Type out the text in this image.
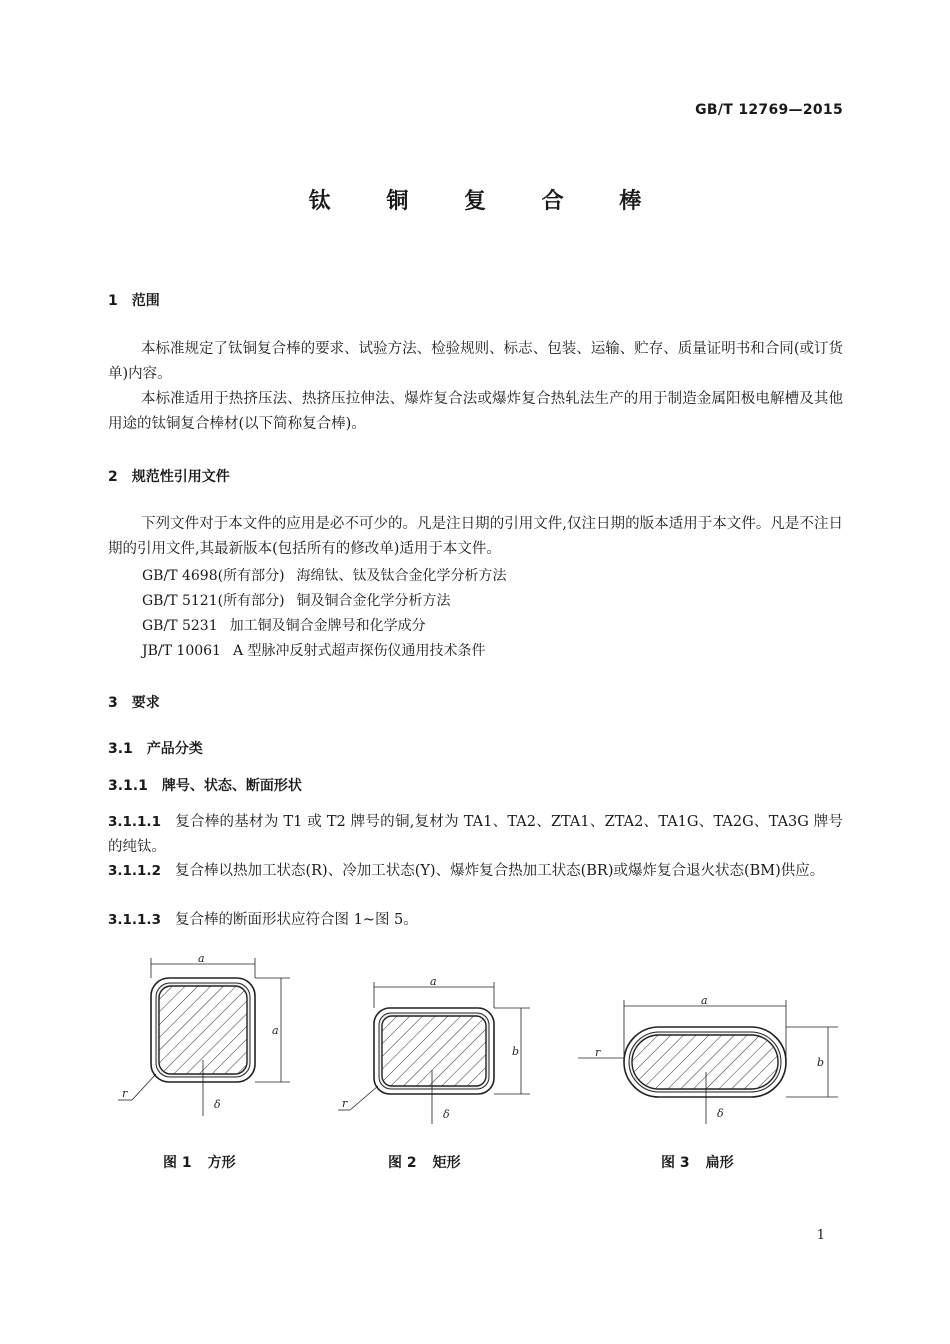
GB/T 12769—2015
钛 铜 复 合 棒
1 范围
本标准规定了钛铜复合棒的要求、试验方法、检验规则、标志、包装、运输、贮存、质量证明书和合同(或订货单)内容。
本标准适用于热挤压法、热挤压拉伸法、爆炸复合法或爆炸复合热轧法生产的用于制造金属阳极电解槽及其他用途的钛铜复合棒材(以下简称复合棒)。
2 规范性引用文件
下列文件对于本文件的应用是必不可少的。凡是注日期的引用文件,仅注日期的版本适用于本文件。凡是不注日期的引用文件,其最新版本(包括所有的修改单)适用于本文件。
GB/T 4698(所有部分) 海绵钛、钛及钛合金化学分析方法
GB/T 5121(所有部分) 铜及铜合金化学分析方法
GB/T 5231 加工铜及铜合金牌号和化学成分
JB/T 10061 A 型脉冲反射式超声探伤仪通用技术条件
3 要求
3.1 产品分类
3.1.1 牌号、状态、断面形状
3.1.1.1 复合棒的基材为 T1 或 T2 牌号的铜,复材为 TA1、TA2、ZTA1、ZTA2、TA1G、TA2G、TA3G 牌号的纯钛。
3.1.1.2 复合棒以热加工状态(R)、冷加工状态(Y)、爆炸复合热加工状态(BR)或爆炸复合退火状态(BM)供应。
3.1.1.3 复合棒的断面形状应符合图 1~图 5。
a
a
r
δ
a
b
r
δ
a
b
r
δ
图 1 方形	图 2 矩形	图 3 扁形
1
